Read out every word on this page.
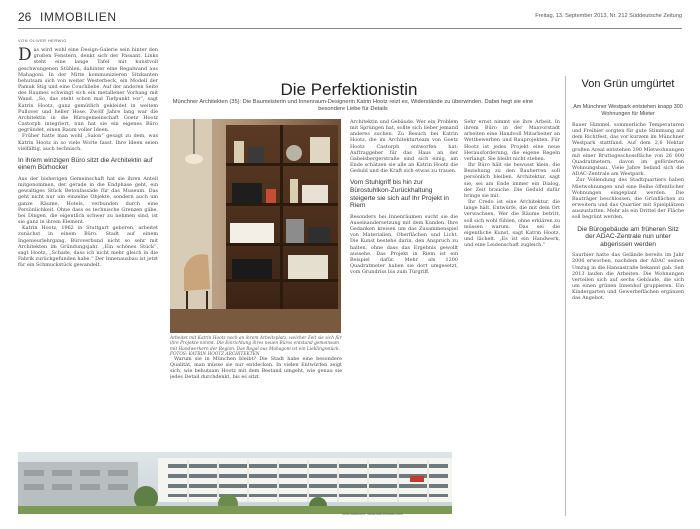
26 IMMOBILIEN	Freitag, 13. September 2013, Nr. 212 Süddeutsche Zeitung
VON OLIVER HERWIG

Das wird wohl eine Design-Galerie sein hinter den großen Fenstern, denkt sich der Passant. Links steht eine lange Tafel mit kunstvoll geschwungenen Stühlen, dahinter eine Regalwand aus Mahagoni. In der Mitte kommunizieren Sitzkanten behutsam sich von weiter Westerbeck, ein Modell der Pamuk Stig und eine Couchliebe. Auf der anderen Seite des Raumes schwingt sich ein metallener Vorhang mit Wand. „So, das steht schon mal Tiefpunkt vor“, sagt Katrin Hootz, ganz gemütlich gekleidet in weitem Pullover und heller Hose. Zwölf Jahre lang war die Architektin in die Bürogemeinschaft Goetz Hootz Castorph integriert, nun hat sie ein eigenes Büro gegründet, einen Raum voller Ideen.

Früher hatte man wohl „Salon“ gesagt zu dem, was Katrin Hootz in so viele Worte fasst. Ihre Ideen seien vielfältig, auch technisch.

In ihrem winzigen Büro sitzt die Architektin auf einem Bürhocker

Aus der bisherigen Gemeinschaft hat sie ihren Anteil mitgenommen, der gerade in die Endphase geht, ein gewaltiges Stück Betonfassade für das Museum. Das geht nicht nur um einzelne Objekte, sondern auch um ganze Räume, Hotels, verbunden durch eine Persönlichkeit. Ohne dass es technische Grenzen gäbe, bei Dingen, die eigentlich schwer zu nehmen sind, ist sie ganz in ihrem Element.

Katrin Hootz, 1962 in Stuttgart geboren, arbeitet zunächst in einem Büro. Stadt auf einem Ingenieurlehrgang. Büroverbund nicht so sehr mit Architekten im Gründungsjahr. „Ein schönes Stück“, sagt Hootz, „Schade, dass ich nicht mehr gleich in die Fabrik zurückgefunden habe.“ Der Innenausbau ist jetzt für ein Schmuckstück gewandelt.

Die Perfektionistin
Münchner Architekten (35): Die Baumeisterin und Innenraum-Designerin Katrin Hootz reizt es, Widerstände zu überwinden. Dabei hegt sie eine besondere Liebe für Details
Arbeitet mit Katrin Hootz noch an ihrem Arbeitsplatz, welcher Zeit sie sich für ihre Projekte nimmt. Die Einrichtung ihres neuen Büros entstand gemeinsam mit Handwerkern der Region. Das Regal aus Mahagoni ist ein Lieblingsstück. FOTOS: KATRIN HOOTZ ARCHITEKTEN

Warum sie in München bleibt? Die Stadt habe eine besondere Qualität, man müsse sie nur entdecken. In vielen Entwürfen zeigt sich, wie behutsam Hootz mit dem Bestand umgeht, wie genau sie jedes Detail durchdenkt, bis es sitzt.

Architektin und Gebäude. Wer ein Problem mit Sprüngen hat, sollte sich lieber jemand anderes suchen. Zu Besuch bei Katrin Hootz, die im Architekturteam von Goetz Hootz Castorph entworfen hat: Auftraggeber für das Haus an der Gabelsbergerstraße sind sich einig, am Ende schätzen sie alle an Katrin Hootz die Geduld und die Kraft sich etwas zu trauen.

Vom Stuhlgriff bis hin zur Bürostuhlkon-Zurückhaltung steigerte sie sich auf Ihr Projekt in Riem

Besonders bei Innenräumen sucht sie die Auseinandersetzung mit dem Kunden. Ihre Gedanken kreisen um das Zusammenspiel von Materialien, Oberflächen und Licht. Die Kunst bestehe darin, den Anspruch zu halten, ohne dass das Ergebnis gewollt aussehe. Das Projekt in Riem ist ein Beispiel dafür. Mehr als 1200 Quadratmeter haben sie dort umgesetzt, vom Grundriss bis zum Türgriff.

Sehr ernst nimmt sie ihre Arbeit. In ihrem Büro in der Maxvorstadt arbeiten eine Handvoll Mitarbeiter an Wettbewerben und Bauprojekten. Für Hootz ist jedes Projekt eine neue Herausforderung, die eigene Regeln verlangt. Sie bleibt nicht stehen.

Ihr Büro hält sie bewusst klein, die Beziehung zu den Bauherren soll persönlich bleiben. Architektur, sagt sie, sei am Ende immer ein Dialog, der Zeit brauche. Die Geduld dafür bringe sie mit.

Ihr Credo ist eine Architektur, die lange hält. Entwürfe, die mit dem Ort verwachsen. Wer die Räume betritt, soll sich wohl fühlen, ohne erklären zu müssen warum. Das sei die eigentliche Kunst, sagt Katrin Hootz, und lächelt. „Es ist ein Handwerk, und eine Leidenschaft zugleich.“

Informationen: www.katrinhootz.com
Von Grün umgürtet
Am Münchner Westpark entstehen knapp 300 Wohnungen für Mieter

Bauer Himmel, sommerliche Temperaturen und Freibier sorgten für gute Stimmung auf dem Richtfest, das vor kurzem im Münchner Westpark stattfand. Auf dem 2,6 Hektar großen Areal entstehen 290 Mietwohnungen mit einer Bruttogeschossfläche von 26 000 Quadratmetern, davon im geförderten Wohnungsbau. Viele Jahre befand sich die ADAC-Zentrale am Westpark.

Zur Vollendung des Stadtquartiers haben Mietwohnungen und eine Reihe öffentlicher Wohnungen eingeplant werden. Die Bauträger beschlossen, die Grünflächen zu erweitern und das Quartier mit Spielplätzen auszustatten. Mehr als ein Drittel der Fläche soll begrünt werden.

Die Bürogebäude am früheren Sitz der ADAC-Zentrale nun unter abgerissen werden

Saurbier hatte das Gelände bereits im Jahr 2006 erworben, nachdem der ADAC seinen Umzug in die Hansastraße bekannt gab. Seit 2013 laufen die Arbeiten. Die Wohnungen verteilen sich auf sechs Gebäude, die sich um einen grünen Innenhof gruppieren. Ein Kindergarten und Gewerbeflächen ergänzen das Angebot.
